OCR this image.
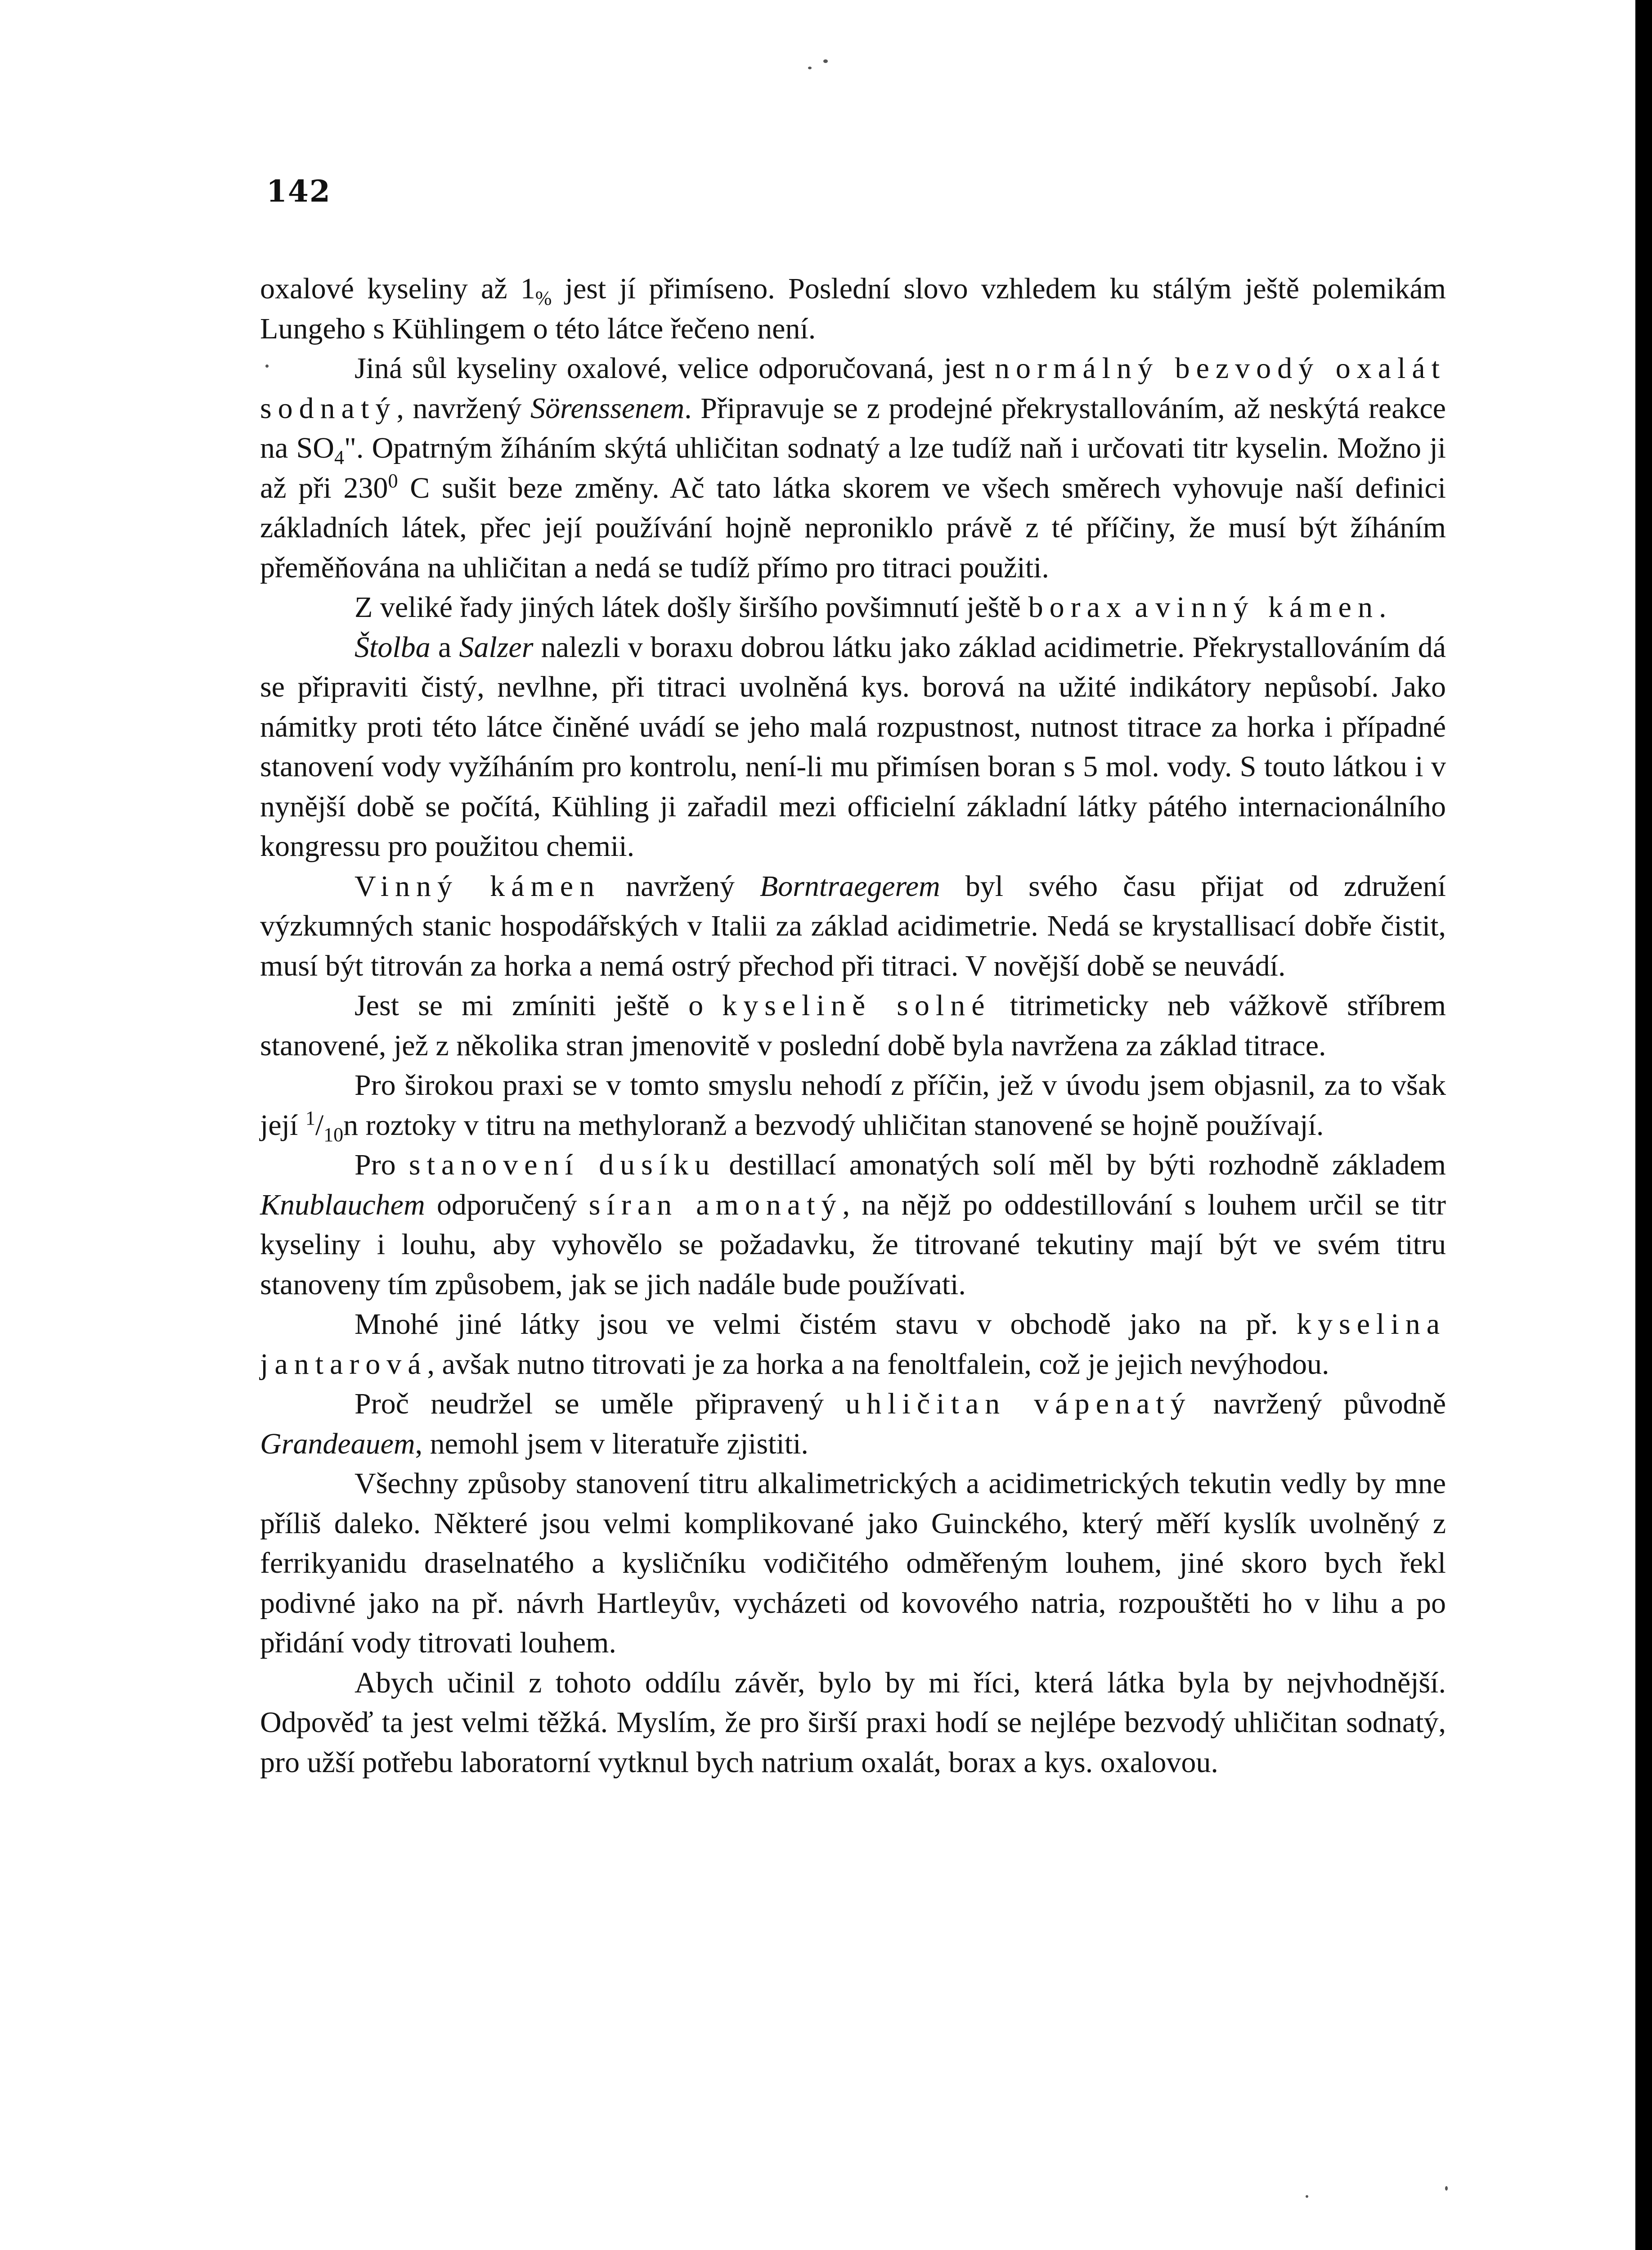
142

oxalové kyseliny až $1_{\%}$ jest jí přimíseno. Poslední slovo vzhledem ku stálým ještě polemikám Lungeho s Kühlingem o této látce řečeno není.

Jiná sůl kyseliny oxalové, velice odporučovaná, jest normálný bezvodý oxalát sodnatý, navržený Sörenssenem. Připravuje se z prodejné překrystallováním, až neskýtá reakce na $SO_4$". Opatrným žíháním skýtá uhličitan sodnatý a lze tudíž naň i určovati titr kyselin. Možno ji až při $230^0$ C sušit beze změny. Ač tato látka skorem ve všech směrech vyhovuje naší definici základních látek, přec její používání hojně neproniklo právě z té příčiny, že musí být žíháním přeměňována na uhličitan a nedá se tudíž přímo pro titraci použiti.

Z veliké řady jiných látek došly širšího povšimnutí ještě borax a vinný kámen.

Štolba a Salzer nalezli v boraxu dobrou látku jako základ acidimetrie. Překrystallováním dá se připraviti čistý, nevlhne, při titraci uvolněná kys. borová na užité indikátory nepůsobí. Jako námitky proti této látce činěné uvádí se jeho malá rozpustnost, nutnost titrace za horka i případné stanovení vody vyžíháním pro kontrolu, není-li mu přimísen boran s 5 mol. vody. S touto látkou i v nynější době se počítá, Kühling ji zařadil mezi officielní základní látky pátého internacionálního kongressu pro použitou chemii.

Vinný kámen navržený Borntraegerem byl svého času přijat od združení výzkumných stanic hospodářských v Italii za základ acidimetrie. Nedá se krystallisací dobře čistit, musí být titrován za horka a nemá ostrý přechod při titraci. V novější době se neuvádí.

Jest se mi zmíniti ještě o kyselině solné titrimeticky neb vážkově stříbrem stanovené, jež z několika stran jmenovitě v poslední době byla navržena za základ titrace.

Pro širokou praxi se v tomto smyslu nehodí z příčin, jež v úvodu jsem objasnil, za to však její $^1/_{10}n$ roztoky v titru na methyloranž a bezvodý uhličitan stanovené se hojně používají.

Pro stanovení dusíku destillací amonatých solí měl by býti rozhodně základem Knublauchem odporučený síran amonatý, na nějž po oddestillování s louhem určil se titr kyseliny i louhu, aby vyhovělo se požadavku, že titrované tekutiny mají být ve svém titru stanoveny tím způsobem, jak se jich nadále bude používati.

Mnohé jiné látky jsou ve velmi čistém stavu v obchodě jako na př. kyselina jantarová, avšak nutno titrovati je za horka a na fenoltfalein, což je jejich nevýhodou.

Proč neudržel se uměle připravený uhličitan vápenatý navržený původně Grandeauem, nemohl jsem v literatuře zjistiti.

Všechny způsoby stanovení titru alkalimetrických a acidimetrických tekutin vedly by mne příliš daleko. Některé jsou velmi komplikované jako Guinckého, který měří kyslík uvolněný z ferrikyanidu draselnatého a kysličníku vodičitého odměřeným louhem, jiné skoro bych řekl podivné jako na př. návrh Hartleyův, vycházeti od kovového natria, rozpouštěti ho v lihu a po přidání vody titrovati louhem.

Abych učinil z tohoto oddílu závěr, bylo by mi říci, která látka byla by nejvhodnější. Odpověď ta jest velmi těžká. Myslím, že pro širší praxi hodí se nejlépe bezvodý uhličitan sodnatý, pro užší potřebu laboratorní vytknul bych natrium oxalát, borax a kys. oxalovou.
